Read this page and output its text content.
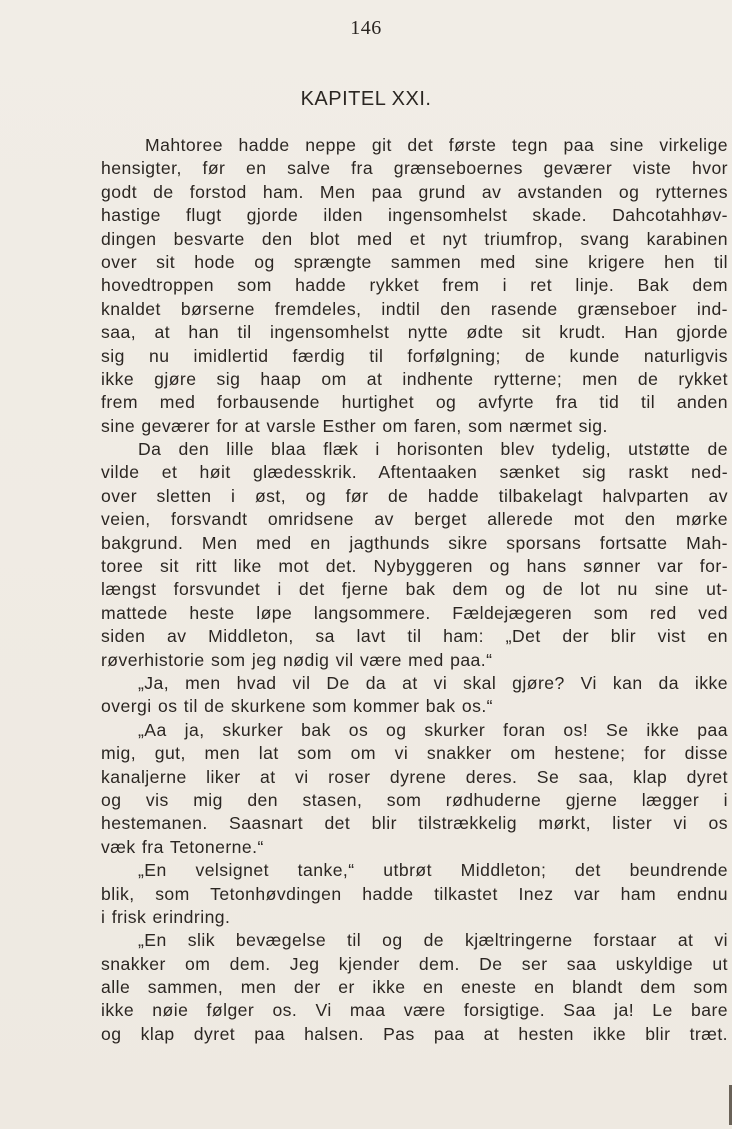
146
KAPITEL XXI.
Mahtoree hadde neppe git det første tegn paa sine virkelige
hensigter, før en salve fra grænseboernes geværer viste hvor
godt de forstod ham. Men paa grund av avstanden og rytternes
hastige flugt gjorde ilden ingensomhelst skade. Dahcotahhøv-
dingen besvarte den blot med et nyt triumfrop, svang karabinen
over sit hode og sprængte sammen med sine krigere hen til
hovedtroppen som hadde rykket frem i ret linje. Bak dem
knaldet børserne fremdeles, indtil den rasende grænseboer ind-
saa, at han til ingensomhelst nytte ødte sit krudt. Han gjorde
sig nu imidlertid færdig til forfølgning; de kunde naturligvis
ikke gjøre sig haap om at indhente rytterne; men de rykket
frem med forbausende hurtighet og avfyrte fra tid til anden
sine geværer for at varsle Esther om faren, som nærmet sig.
Da den lille blaa flæk i horisonten blev tydelig, utstøtte de
vilde et høit glædesskrik. Aftentaaken sænket sig raskt ned-
over sletten i øst, og før de hadde tilbakelagt halvparten av
veien, forsvandt omridsene av berget allerede mot den mørke
bakgrund. Men med en jagthunds sikre sporsans fortsatte Mah-
toree sit ritt like mot det. Nybyggeren og hans sønner var for-
længst forsvundet i det fjerne bak dem og de lot nu sine ut-
mattede heste løpe langsommere. Fældejægeren som red ved
siden av Middleton, sa lavt til ham: „Det der blir vist en
røverhistorie som jeg nødig vil være med paa.“
„Ja, men hvad vil De da at vi skal gjøre? Vi kan da ikke
overgi os til de skurkene som kommer bak os.“
„Aa ja, skurker bak os og skurker foran os! Se ikke paa
mig, gut, men lat som om vi snakker om hestene; for disse
kanaljerne liker at vi roser dyrene deres. Se saa, klap dyret
og vis mig den stasen, som rødhuderne gjerne lægger i
hestemanen. Saasnart det blir tilstrækkelig mørkt, lister vi os
væk fra Tetonerne.“
„En velsignet tanke,“ utbrøt Middleton; det beundrende
blik, som Tetonhøvdingen hadde tilkastet Inez var ham endnu
i frisk erindring.
„En slik bevægelse til og de kjæltringerne forstaar at vi
snakker om dem. Jeg kjender dem. De ser saa uskyldige ut
alle sammen, men der er ikke en eneste en blandt dem som
ikke nøie følger os. Vi maa være forsigtige. Saa ja! Le bare
og klap dyret paa halsen. Pas paa at hesten ikke blir træt.
